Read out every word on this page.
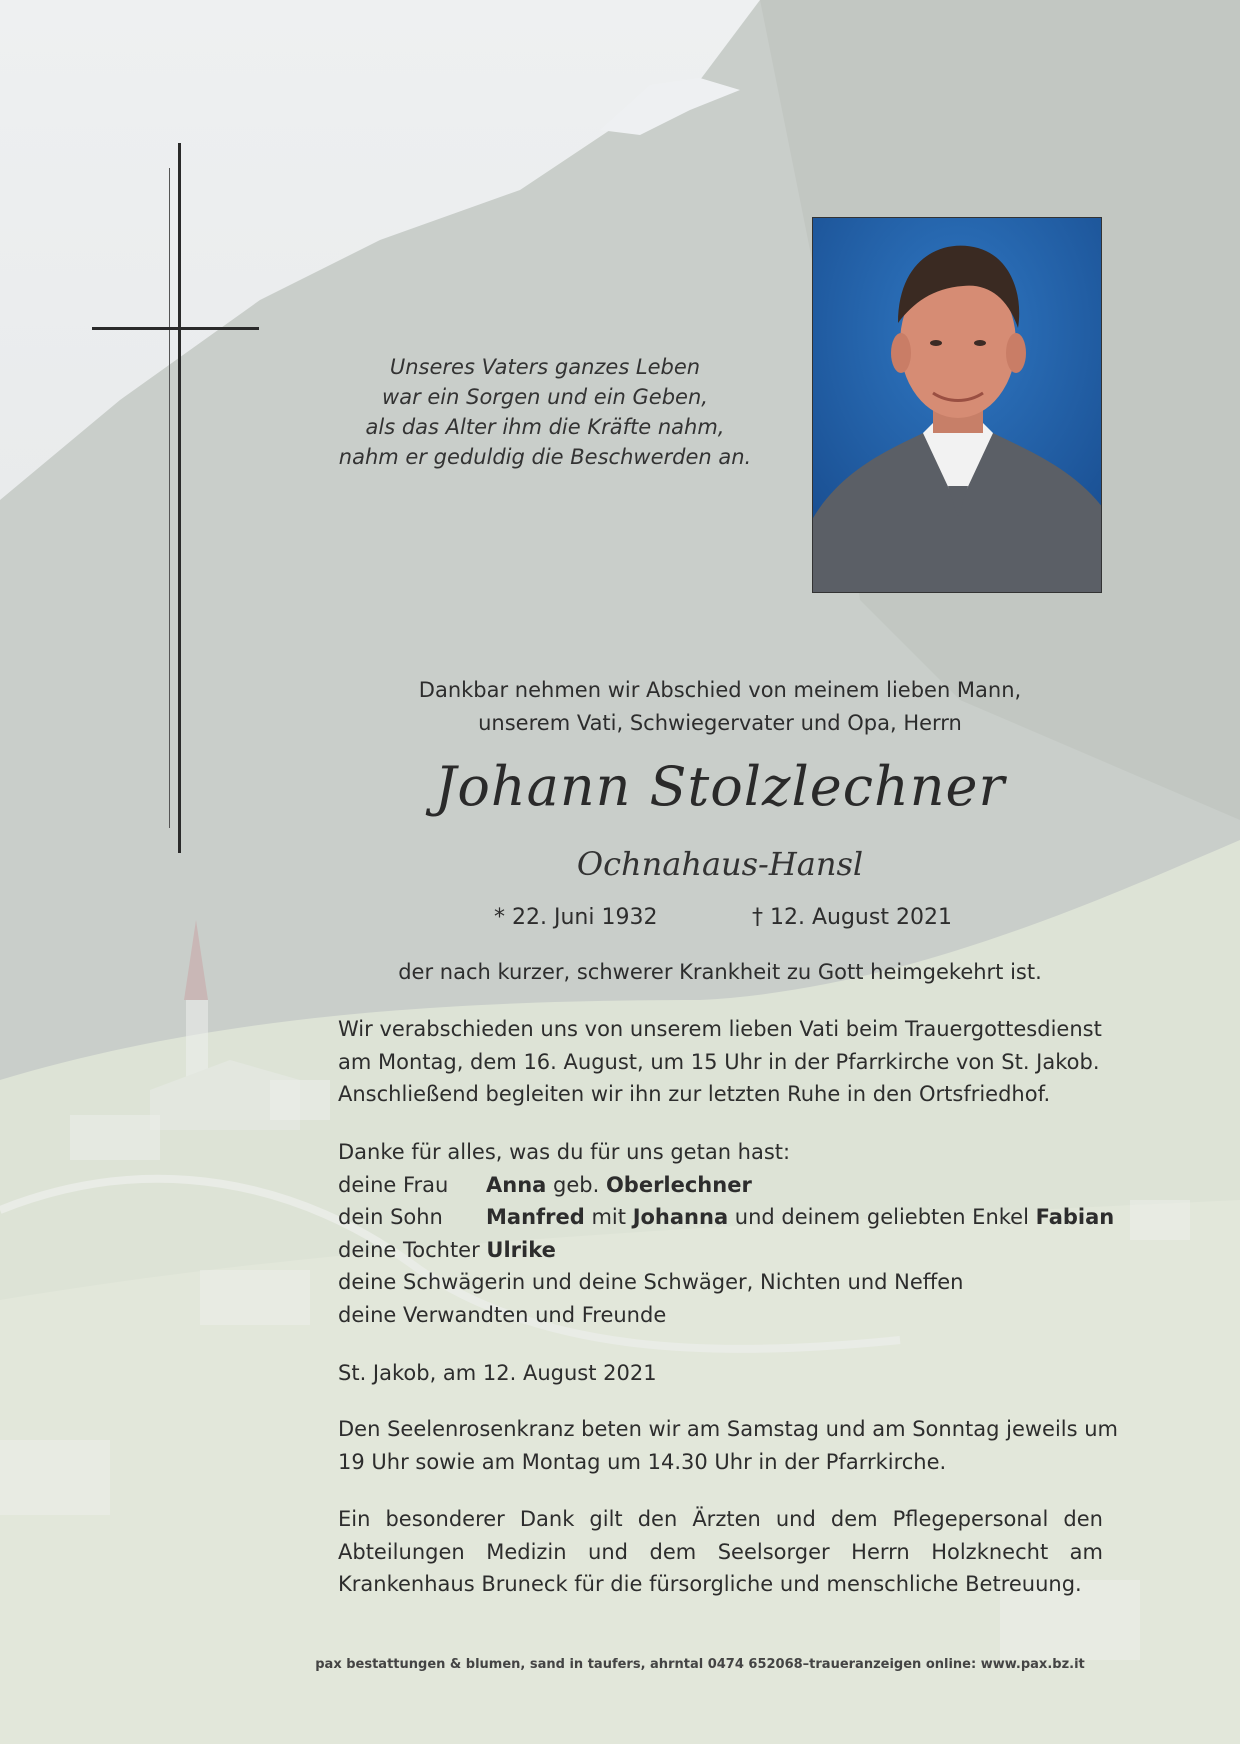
Unseres Vaters ganzes Leben
war ein Sorgen und ein Geben,
als das Alter ihm die Kräfte nahm,
nahm er geduldig die Beschwerden an.
Dankbar nehmen wir Abschied von meinem lieben Mann,
unserem Vati, Schwiegervater und Opa, Herrn
Johann Stolzlechner
Ochnahaus-Hansl
* 22. Juni 1932	† 12. August 2021
der nach kurzer, schwerer Krankheit zu Gott heimgekehrt ist.
Wir verabschieden uns von unserem lieben Vati beim Trauergottesdienst
am Montag, dem 16. August, um 15 Uhr in der Pfarrkirche von St. Jakob.
Anschließend begleiten wir ihn zur letzten Ruhe in den Ortsfriedhof.
Danke für alles, was du für uns getan hast:
deine Frau Anna geb. Oberlechner
dein Sohn Manfred mit Johanna und deinem geliebten Enkel Fabian
deine Tochter Ulrike
deine Schwägerin und deine Schwäger, Nichten und Neffen
deine Verwandten und Freunde
St. Jakob, am 12. August 2021
Den Seelenrosenkranz beten wir am Samstag und am Sonntag jeweils um
19 Uhr sowie am Montag um 14.30 Uhr in der Pfarrkirche.
Ein besonderer Dank gilt den Ärzten und dem Pflegepersonal den Abteilungen Medizin und dem Seelsorger Herrn Holzknecht am Krankenhaus Bruneck für die fürsorgliche und menschliche Betreuung.
pax bestattungen & blumen, sand in taufers, ahrntal 0474 652068–traueranzeigen online: www.pax.bz.it
